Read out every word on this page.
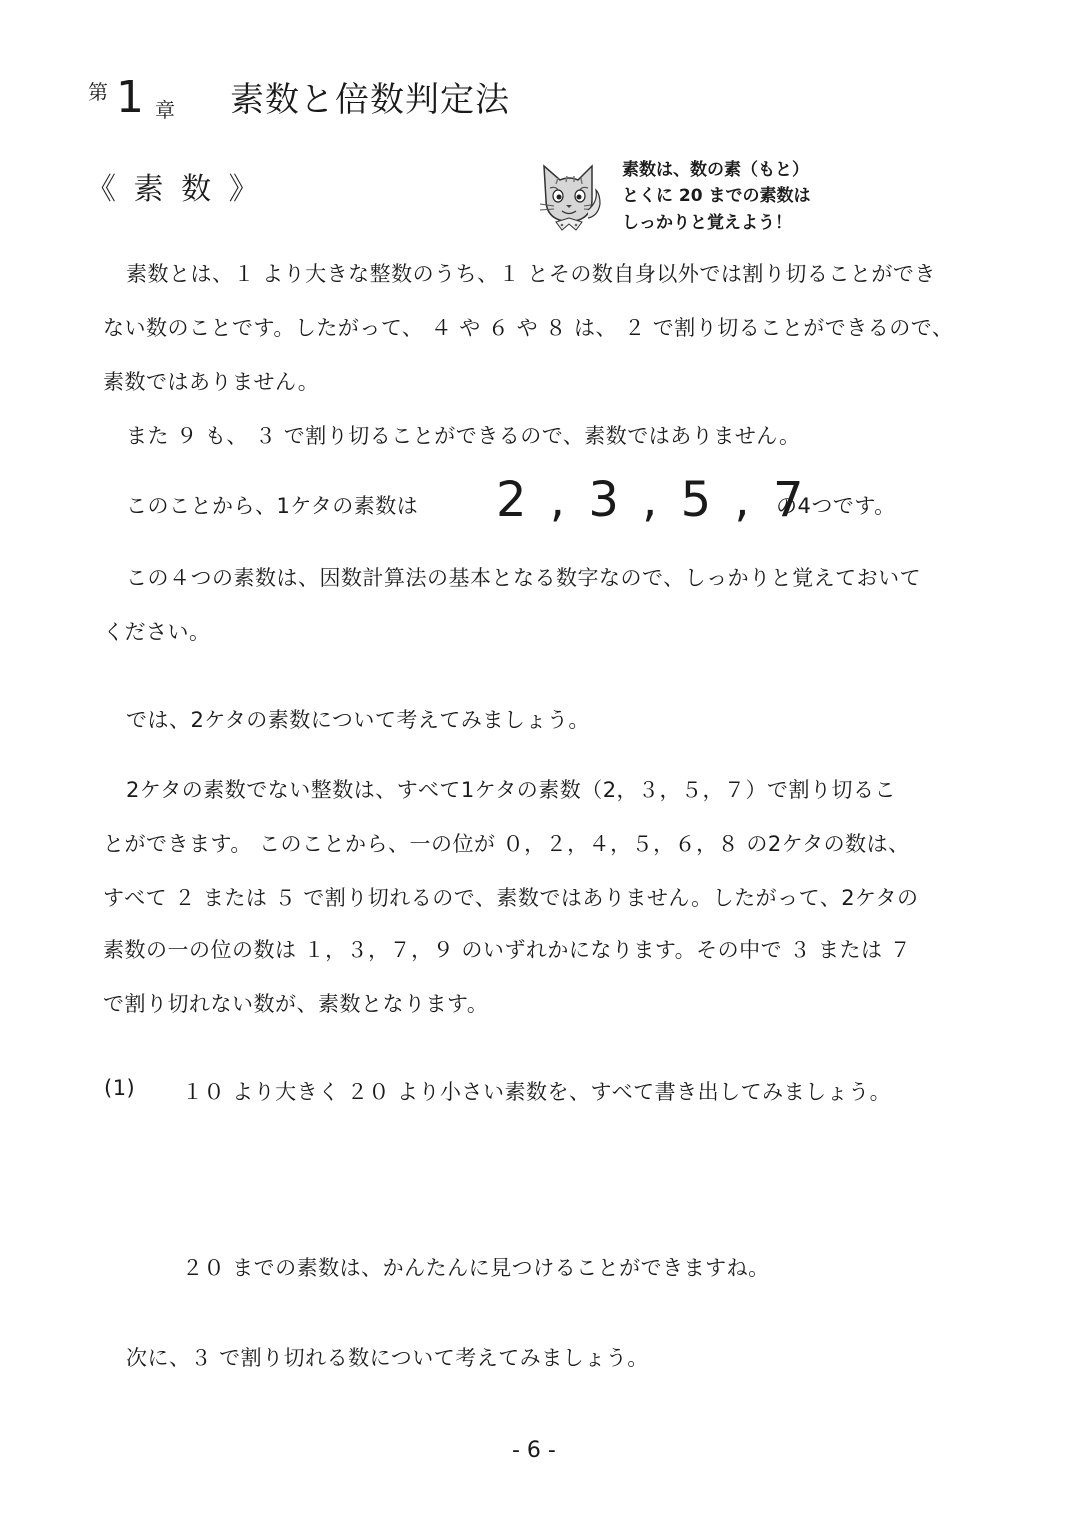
第 1 章 素数と倍数判定法
《 素 数 》
素数は、数の素（もと）
とくに 20 までの素数は
しっかりと覚えよう！
素数とは、１ より大きな整数のうち、１ とその数自身以外では割り切ることができ
ない数のことです。したがって、 ４ や ６ や ８ は、 ２ で割り切ることができるので、
素数ではありません。
また ９ も、 ３ で割り切ることができるので、素数ではありません。
このことから、1ケタの素数は 2 , 3 , 5 , 7
の4つです。
この４つの素数は、因数計算法の基本となる数字なので、しっかりと覚えておいて
ください。
では、2ケタの素数について考えてみましょう。
2ケタの素数でない整数は、すべて1ケタの素数（2，３，５，７）で割り切るこ
とができます。 このことから、一の位が ０，２，４，５，６，８ の2ケタの数は、
すべて ２ または ５ で割り切れるので、素数ではありません。したがって、2ケタの
素数の一の位の数は １，３，７，９ のいずれかになります。その中で ３ または ７
で割り切れない数が、素数となります。
(1) １０ より大きく ２０ より小さい素数を、すべて書き出してみましょう。
２０ までの素数は、かんたんに見つけることができますね。
次に、３ で割り切れる数について考えてみましょう。
- 6 -
